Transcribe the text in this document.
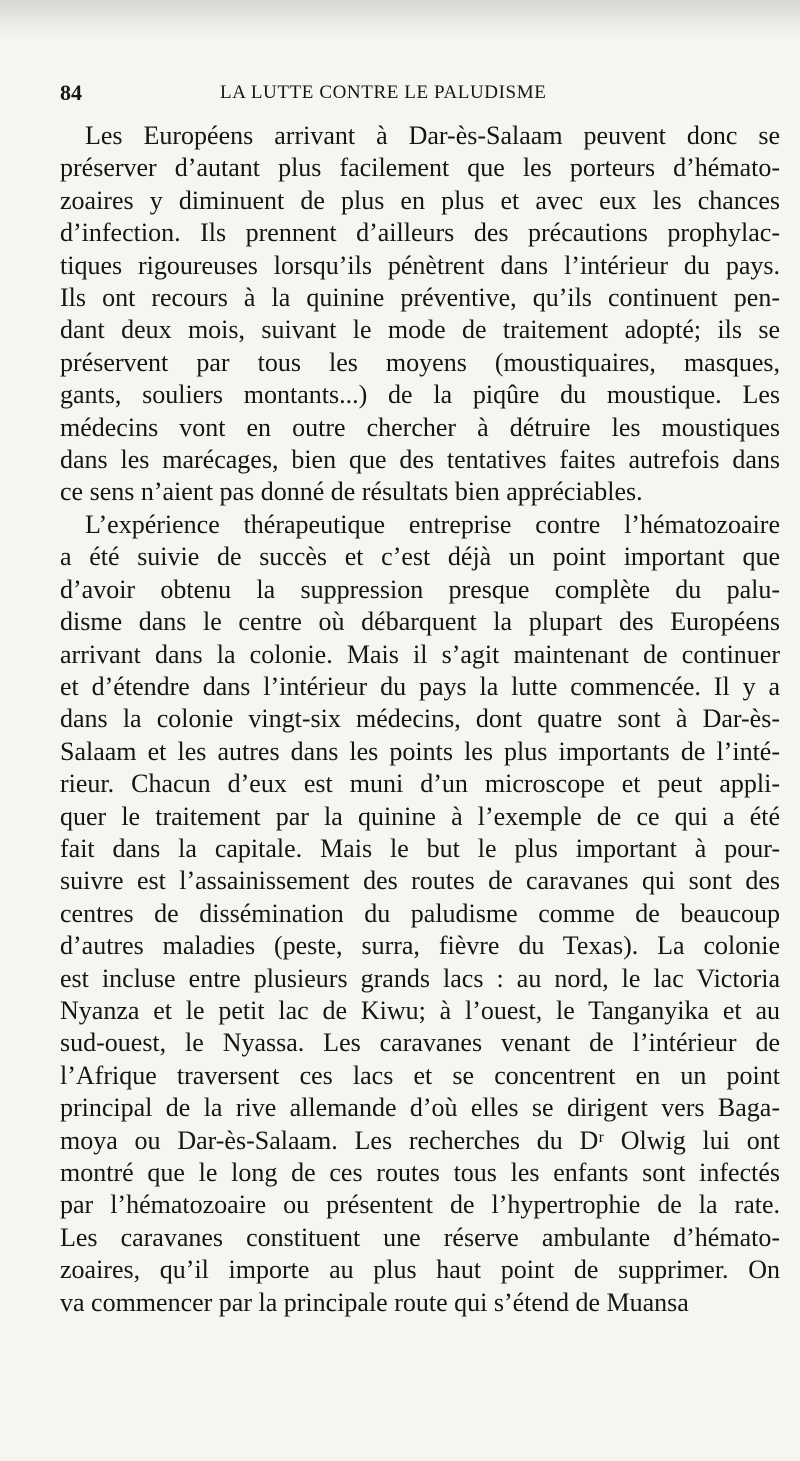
84	LA LUTTE CONTRE LE PALUDISME

Les Européens arrivant à Dar-ès-Salaam peuvent donc se

préserver d’autant plus facilement que les porteurs d’hémato-

zoaires y diminuent de plus en plus et avec eux les chances

d’infection. Ils prennent d’ailleurs des précautions prophylac-

tiques rigoureuses lorsqu’ils pénètrent dans l’intérieur du pays.

Ils ont recours à la quinine préventive, qu’ils continuent pen-

dant deux mois, suivant le mode de traitement adopté; ils se

préservent par tous les moyens (moustiquaires, masques,

gants, souliers montants...) de la piqûre du moustique. Les

médecins vont en outre chercher à détruire les moustiques

dans les marécages, bien que des tentatives faites autrefois dans

ce sens n’aient pas donné de résultats bien appréciables.

L’expérience thérapeutique entreprise contre l’hématozoaire

a été suivie de succès et c’est déjà un point important que

d’avoir obtenu la suppression presque complète du palu-

disme dans le centre où débarquent la plupart des Européens

arrivant dans la colonie. Mais il s’agit maintenant de continuer

et d’étendre dans l’intérieur du pays la lutte commencée. Il y a

dans la colonie vingt-six médecins, dont quatre sont à Dar-ès-

Salaam et les autres dans les points les plus importants de l’inté-

rieur. Chacun d’eux est muni d’un microscope et peut appli-

quer le traitement par la quinine à l’exemple de ce qui a été

fait dans la capitale. Mais le but le plus important à pour-

suivre est l’assainissement des routes de caravanes qui sont des

centres de dissémination du paludisme comme de beaucoup

d’autres maladies (peste, surra, fièvre du Texas). La colonie

est incluse entre plusieurs grands lacs : au nord, le lac Victoria

Nyanza et le petit lac de Kiwu; à l’ouest, le Tanganyika et au

sud-ouest, le Nyassa. Les caravanes venant de l’intérieur de

l’Afrique traversent ces lacs et se concentrent en un point

principal de la rive allemande d’où elles se dirigent vers Baga-

moya ou Dar-ès-Salaam. Les recherches du Dʳ Olwig lui ont

montré que le long de ces routes tous les enfants sont infectés

par l’hématozoaire ou présentent de l’hypertrophie de la rate.

Les caravanes constituent une réserve ambulante d’hémato-

zoaires, qu’il importe au plus haut point de supprimer. On

va commencer par la principale route qui s’étend de Muansa
